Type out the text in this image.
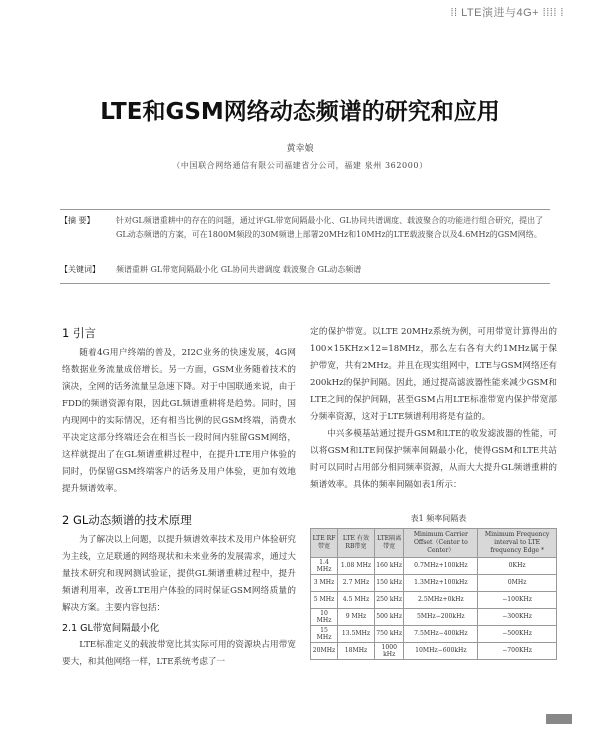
⁞⁞ LTE演进与4G+ ⁞⁞⁞⁞ ⁞
LTE和GSM网络动态频谱的研究和应用
黄幸娘
（中国联合网络通信有限公司福建省分公司，福建 泉州 362000）
【摘 要】	针对GL频谱重耕中的存在的问题，通过评GL带宽间隔最小化、GL协同共谱调度、载波聚合的功能进行组合研究，提出了GL动态频谱的方案，可在1800M频段的30M频谱上部署20MHz和10MHz的LTE载波聚合以及4.6MHz的GSM网络。
【关键词】 频谱重耕 GL带宽间隔最小化 GL协同共谱调度 载波聚合 GL动态频谱

1 引言

随着4G用户终端的普及，2I2C业务的快速发展，4G网络数据业务流量成倍增长。另一方面，GSM业务随着技术的演决，全网的话务流量呈急速下降。对于中国联通来说，由于FDD的频谱资源有限，因此GL频谱重耕将是趋势。同时，国内现网中的实际情况，还有相当比例的民GSM终端，消费水平决定这部分终端还会在相当长一段时间内驻留GSM网络，这样就提出了在GL频谱重耕过程中，在提升LTE用户体验的同时，仍保留GSM终端客户的话务及用户体验，更加有效地提升频谱效率。

2 GL动态频谱的技术原理

为了解决以上问题，以提升频谱效率技术及用户体验研究为主线，立足联通的网络现状和未来业务的发展需求，通过大量技术研究和现网测试验证，提供GL频谱重耕过程中，提升频谱利用率，改善LTE用户体验的同时保证GSM网络质量的解决方案。主要内容包括：

2.1 GL带宽间隔最小化

LTE标准定义的载波带宽比其实际可用的资源块占用带宽要大，和其他网络一样，LTE系统考虑了一

定的保护带宽。以LTE 20MHz系统为例，可用带宽计算得出的100×15KHz×12=18MHz，那么左右各有大约1MHz属于保护带宽，共有2MHz。并且在现实组网中，LTE与GSM网络还有200kHz的保护间隔。因此，通过提高滤波器性能来减少GSM和LTE之间的保护间隔，甚至GSM占用LTE标准带宽内保护带宽部分频率资源，这对于LTE频谱利用将是有益的。

中兴多模基站通过提升GSM和LTE的收发滤波器的性能，可以将GSM和LTE间保护频率间隔最小化，使得GSM和LTE共站时可以同时占用部分相同频率资源，从而大大提升GL频谱重耕的频谱效率。具体的频率间隔如表1所示：

表1 频率间隔表
LTE RF带宽	LTE 有效RB带宽	LTE隔离带宽	Minimum Carrier Offset（Center to Center）	Minimum Frequency interval to LTE frequency Edge *
1.4 MHz	1.08 MHz	160 kHz	0.7MHz+100kHz	0KHz
3 MHz	2.7 MHz	150 kHz	1.3MHz+100kHz	0MHz
5 MHz	4.5 MHz	250 kHz	2.5MHz+0kHz	−100KHz
10 MHz	9 MHz	500 kHz	5MHz−200kHz	−300KHz
15 MHz	13.5MHz	750 kHz	7.5MHz−400kHz	−500KHz
20MHz	18MHz	1000 kHz	10MHz−600kHz	−700KHz
